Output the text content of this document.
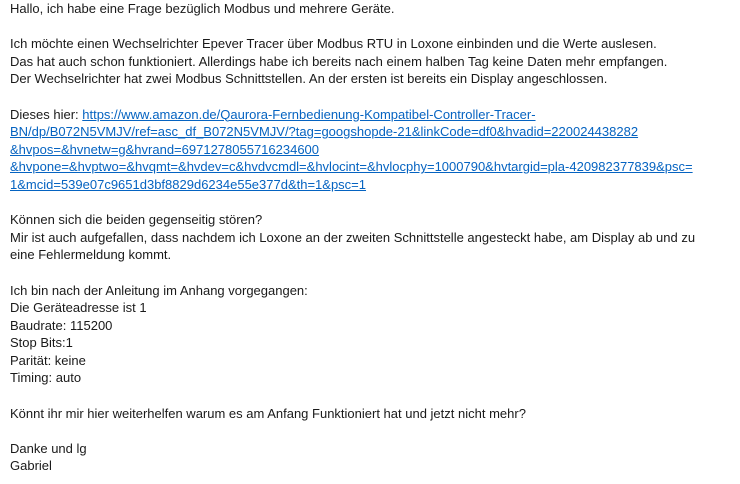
Hallo, ich habe eine Frage bezüglich Modbus und mehrere Geräte.
Ich möchte einen Wechselrichter Epever Tracer über Modbus RTU in Loxone einbinden und die Werte auslesen.
Das hat auch schon funktioniert. Allerdings habe ich bereits nach einem halben Tag keine Daten mehr empfangen.
Der Wechselrichter hat zwei Modbus Schnittstellen. An der ersten ist bereits ein Display angeschlossen.
Dieses hier: https://www.amazon.de/Qaurora-Fernbedienung-Kompatibel-Controller-Tracer-
BN/dp/B072N5VMJV/ref=asc_df_B072N5VMJV/?tag=googshopde-21&linkCode=df0&hvadid=220024438282
&hvpos=&hvnetw=g&hvrand=6971278055716234600
&hvpone=&hvptwo=&hvqmt=&hvdev=c&hvdvcmdl=&hvlocint=&hvlocphy=1000790&hvtargid=pla-420982377839&psc=
1&mcid=539e07c9651d3bf8829d6234e55e377d&th=1&psc=1
Können sich die beiden gegenseitig stören?
Mir ist auch aufgefallen, dass nachdem ich Loxone an der zweiten Schnittstelle angesteckt habe, am Display ab und zu
eine Fehlermeldung kommt.
Ich bin nach der Anleitung im Anhang vorgegangen:
Die Geräteadresse ist 1
Baudrate: 115200
Stop Bits:1
Parität: keine
Timing: auto
Könnt ihr mir hier weiterhelfen warum es am Anfang Funktioniert hat und jetzt nicht mehr?
Danke und lg
Gabriel
